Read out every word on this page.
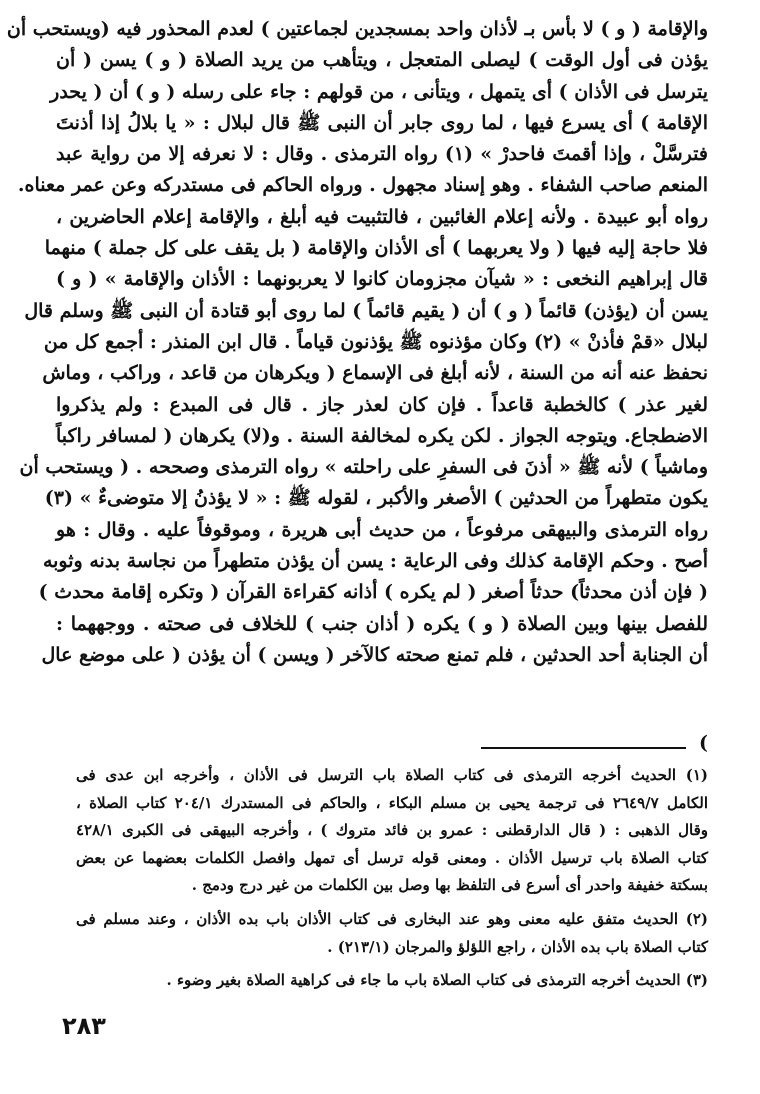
والإقامة ( و ) لا بأس بـ لأذان واحد بمسجدين لجماعتين ) لعدم المحذور فيه (ويستحب أن
يؤذن فى أول الوقت ) ليصلى المتعجل ، ويتأهب من يريد الصلاة ( و ) يسن ( أن
يترسل فى الأذان ) أى يتمهل ، ويتأنى ، من قولهم : جاء على رسله ( و ) أن ( يحدر
الإقامة ) أى يسرع فيها ، لما روى جابر أن النبى ﷺ قال لبلال : « يا بلالُ إذا أذنتَ
فترسَّلْ ، وإذا أقمتَ فاحدرْ » (١) رواه الترمذى . وقال : لا نعرفه إلا من رواية عبد
المنعم صاحب الشفاء . وهو إسناد مجهول . ورواه الحاكم فى مستدركه وعن عمر معناه.
رواه أبو عبيدة . ولأنه إعلام الغائبين ، فالتثبيت فيه أبلغ ، والإقامة إعلام الحاضرين ،
فلا حاجة إليه فيها ( ولا يعربهما ) أى الأذان والإقامة ( بل يقف على كل جملة ) منهما
قال إبراهيم النخعى : « شيآن مجزومان كانوا لا يعربونهما : الأذان والإقامة » ( و )
يسن أن (يؤذن) قائماً ( و ) أن ( يقيم قائماً ) لما روى أبو قتادة أن النبى ﷺ وسلم قال
لبلال «قمْ فأذنْ » (٢) وكان مؤذنوه ﷺ يؤذنون قياماً . قال ابن المنذر : أجمع كل من
نحفظ عنه أنه من السنة ، لأنه أبلغ فى الإسماع ( ويكرهان من قاعد ، وراكب ، وماش
لغير عذر ) كالخطبة قاعداً . فإن كان لعذر جاز . قال فى المبدع : ولم يذكروا
الاضطجاع. ويتوجه الجواز . لكن يكره لمخالفة السنة . و(لا) يكرهان ( لمسافر راكباً
وماشياً ) لأنه ﷺ « أذنَ فى السفرِ على راحلته » رواه الترمذى وصححه . ( ويستحب أن
يكون متطهراً من الحدثين ) الأصغر والأكبر ، لقوله ﷺ : « لا يؤذنُ إلا متوضىءٌ » (٣)
رواه الترمذى والبيهقى مرفوعاً ، من حديث أبى هريرة ، وموقوفاً عليه . وقال : هو
أصح . وحكم الإقامة كذلك وفى الرعاية : يسن أن يؤذن متطهراً من نجاسة بدنه وثوبه
( فإن أذن محدثاً) حدثاً أصغر ( لم يكره ) أذانه كقراءة القرآن ( وتكره إقامة محدث )
للفصل بينها وبين الصلاة ( و ) يكره ( أذان جنب ) للخلاف فى صحته . ووجههما :
أن الجنابة أحد الحدثين ، فلم تمنع صحته كالآخر ( ويسن ) أن يؤذن ( على موضع عال
)
(١) الحديث أخرجه الترمذى فى كتاب الصلاة باب الترسل فى الأذان ، وأخرجه ابن عدى فى
الكامل ٢٦٤٩/٧ فى ترجمة يحيى بن مسلم البكاء ، والحاكم فى المستدرك ٢٠٤/١ كتاب الصلاة ،
وقال الذهبى : ( قال الدارقطنى : عمرو بن فائد متروك ) ، وأخرجه البيهقى فى الكبرى ٤٢٨/١
كتاب الصلاة باب ترسيل الأذان . ومعنى قوله ترسل أى تمهل وافصل الكلمات بعضهما عن بعض
بسكتة خفيفة واحدر أى أسرع فى التلفظ بها وصل بين الكلمات من غير درج ودمج .
(٢) الحديث متفق عليه معنى وهو عند البخارى فى كتاب الأذان باب بده الأذان ، وعند مسلم فى
كتاب الصلاة باب بده الأذان ، راجع اللؤلؤ والمرجان (٢١٣/١) .
(٣) الحديث أخرجه الترمذى فى كتاب الصلاة باب ما جاء فى كراهية الصلاة بغير وضوء .
٢٨٣
